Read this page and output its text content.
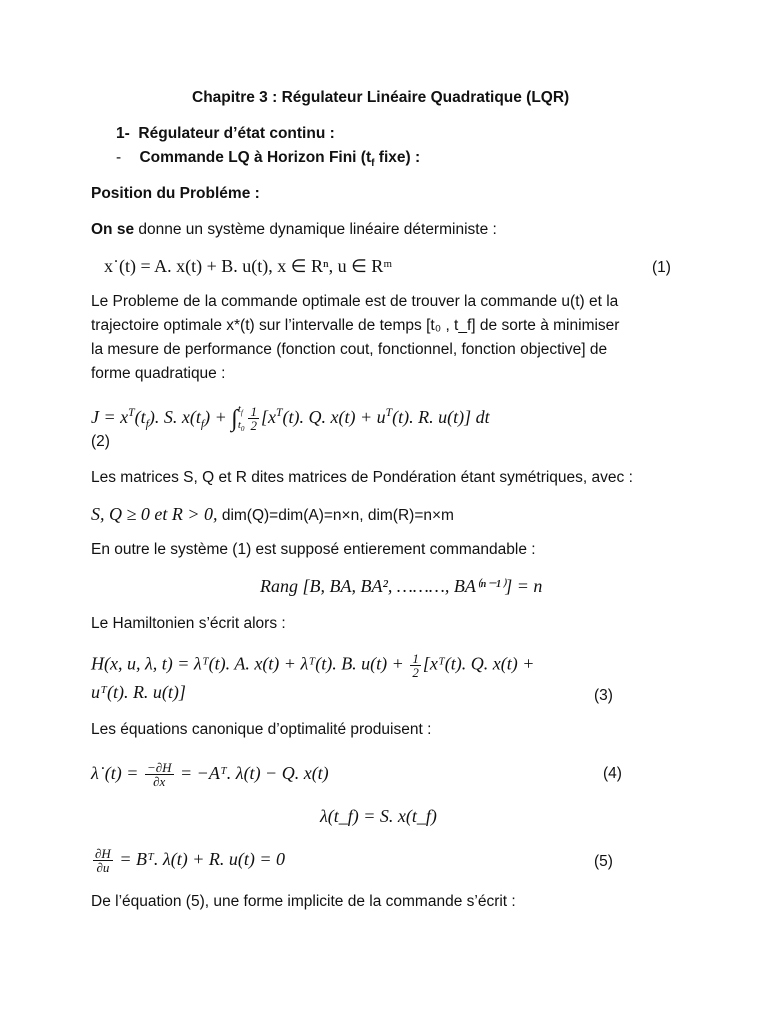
Chapitre 3 : Régulateur Linéaire Quadratique (LQR)
1- Régulateur d’état continu :
- Commande LQ à Horizon Fini ($t_f$ fixe) :
Position du Probléme :
On se donne un système dynamique linéaire déterministe :
x˙(t) = A. x(t) + B. u(t), x ∈ Rⁿ, u ∈ Rᵐ	(1)
Le Probleme de la commande optimale est de trouver la commande u(t) et la
trajectoire optimale x*(t) sur l’intervalle de temps [t₀ , t_f] de sorte à minimiser
la mesure de performance (fonction cout, fonctionnel, fonction objective] de
forme quadratique :
$J = x^T(t_f)$. S. $x(t_f)$ + ∫ $t_f$
$t_0 \frac{1}{2} [x^T(t)$. Q. $x(t) + u^T(t)$. R. u(t)] dt
(2)
Les matrices S, Q et R dites matrices de Pondération étant symétriques, avec :
S, Q ≥ 0 et R > 0, dim(Q)=dim(A)=n×n, dim(R)=n×m
En outre le système (1) est supposé entierement commandable :
Rang [B, BA, BA², ………, BA⁽ⁿ⁻¹⁾] = n
Le Hamiltonien s’écrit alors :
H(x, u, λ, t) = λᵀ(t). A. x(t) + λᵀ(t). B. $u(t) + \frac{1}{2}$ [xᵀ(t). Q. x(t) +
uᵀ(t). R. u(t)]	(3)
Les équations canonique d’optimalité produisent :
λ˙(t) = $\frac{-\partial H}{\partial x}$ = −Aᵀ. λ(t) − Q. x(t)	(4)
λ(t_f) = S. x(t_f)
$\frac{\partial H}{\partial u}$ = Bᵀ. λ(t) + R. u(t) = 0	(5)
De l’équation (5), une forme implicite de la commande s’écrit :
